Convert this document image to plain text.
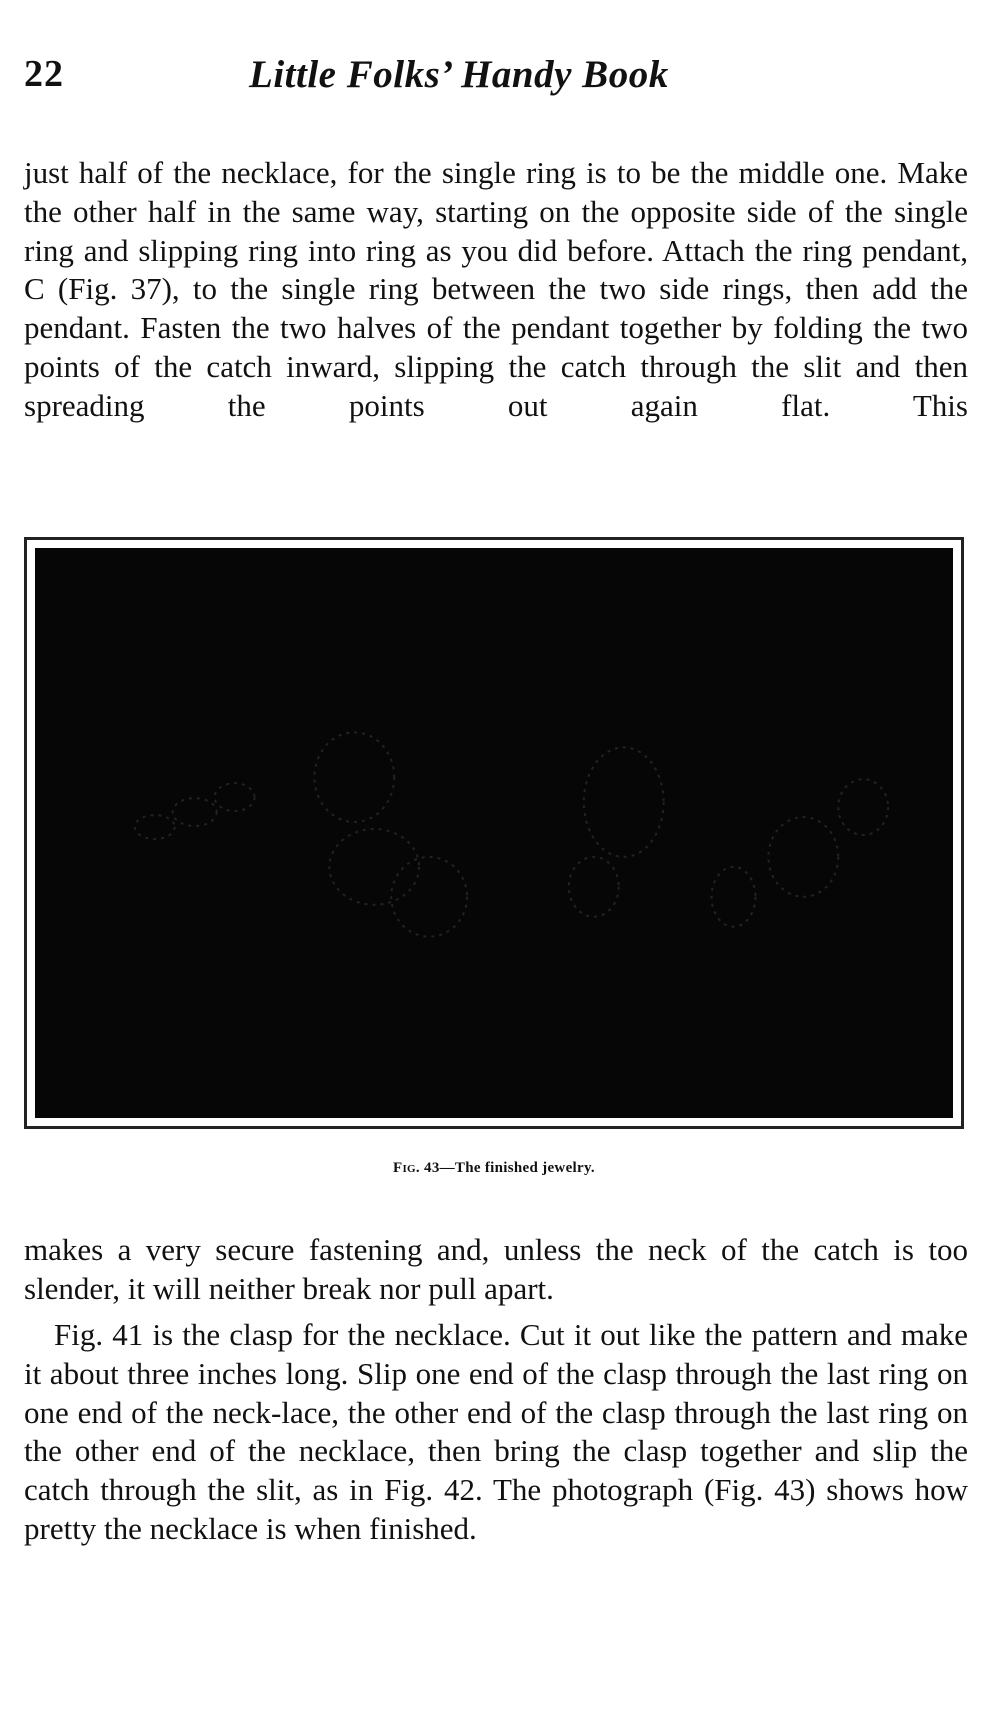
22	Little Folks’ Handy Book

just half of the necklace, for the single ring is to be the middle one. Make the other half in the same way, starting on the opposite side of the single ring and slipping ring into ring as you did before. Attach the ring pendant, C (Fig. 37), to the single ring between the two side rings, then add the pendant. Fasten the two halves of the pendant together by folding the two points of the catch inward, slipping the catch through the slit and then spreading the points out again flat. This

Fig. 43—The finished jewelry.

makes a very secure fastening and, unless the neck of the catch is too slender, it will neither break nor pull apart.

Fig. 41 is the clasp for the necklace. Cut it out like the pattern and make it about three inches long. Slip one end of the clasp through the last ring on one end of the neck-lace, the other end of the clasp through the last ring on the other end of the necklace, then bring the clasp together and slip the catch through the slit, as in Fig. 42. The photograph (Fig. 43) shows how pretty the necklace is when finished.
